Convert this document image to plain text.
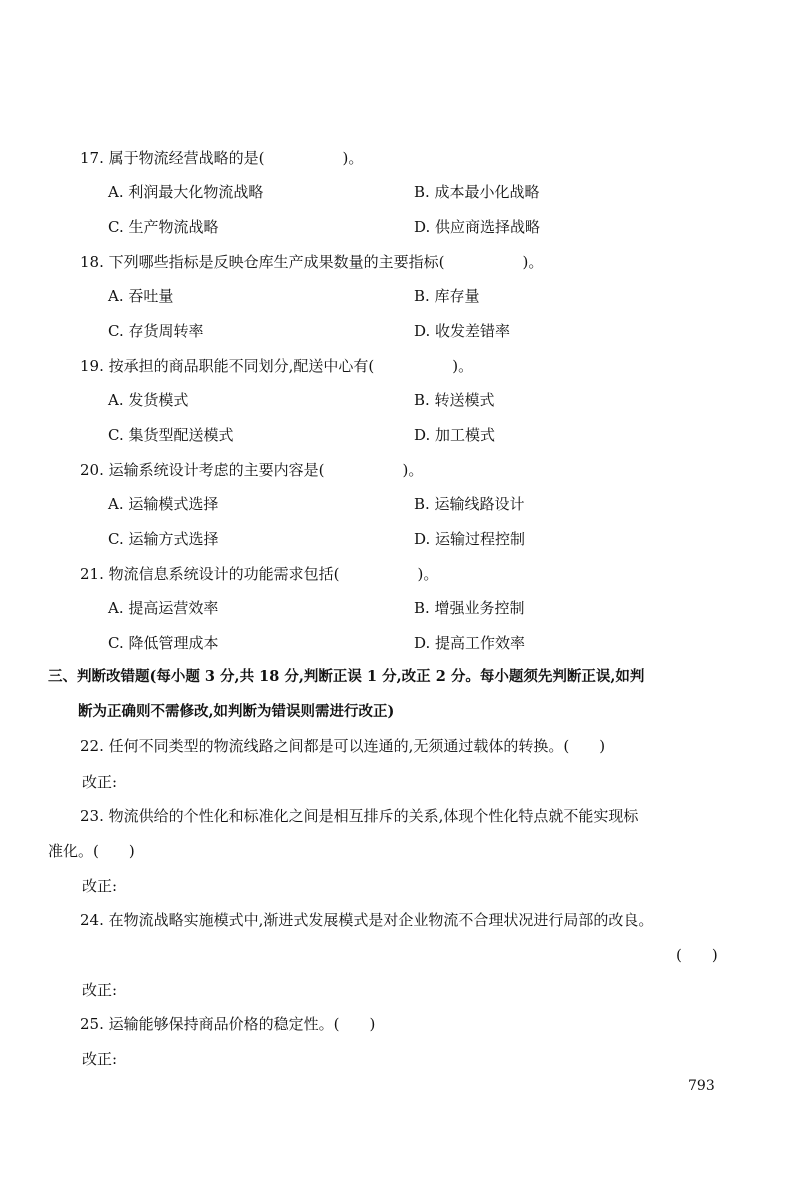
17. 属于物流经营战略的是(	)。
A. 利润最大化物流战略	B. 成本最小化战略
C. 生产物流战略	D. 供应商选择战略
18. 下列哪些指标是反映仓库生产成果数量的主要指标(	)。
A. 吞吐量	B. 库存量
C. 存货周转率	D. 收发差错率
19. 按承担的商品职能不同划分,配送中心有(	)。
A. 发货模式	B. 转送模式
C. 集货型配送模式	D. 加工模式
20. 运输系统设计考虑的主要内容是(	)。
A. 运输模式选择	B. 运输线路设计
C. 运输方式选择	D. 运输过程控制
21. 物流信息系统设计的功能需求包括(	)。
A. 提高运营效率	B. 增强业务控制
C. 降低管理成本	D. 提高工作效率
三、判断改错题(每小题 3 分,共 18 分,判断正误 1 分,改正 2 分。每小题须先判断正误,如判
断为正确则不需修改,如判断为错误则需进行改正)
22. 任何不同类型的物流线路之间都是可以连通的,无须通过载体的转换。(　　)
改正:
23. 物流供给的个性化和标准化之间是相互排斥的关系,体现个性化特点就不能实现标
准化。(　　)
改正:
24. 在物流战略实施模式中,渐进式发展模式是对企业物流不合理状况进行局部的改良。
(　　)
改正:
25. 运输能够保持商品价格的稳定性。(　　)
改正:
793
